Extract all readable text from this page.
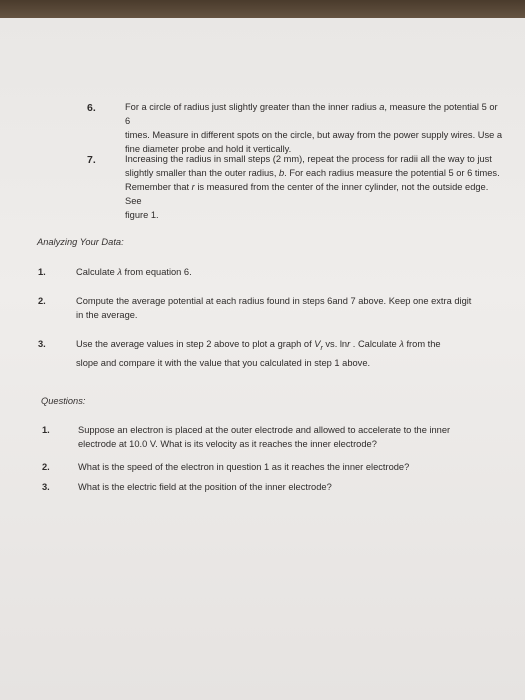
6.	For a circle of radius just slightly greater than the inner radius a, measure the potential 5 or 6
times. Measure in different spots on the circle, but away from the power supply wires. Use a
fine diameter probe and hold it vertically.
7.	Increasing the radius in small steps (2 mm), repeat the process for radii all the way to just
slightly smaller than the outer radius, b. For each radius measure the potential 5 or 6 times.
Remember that r is measured from the center of the inner cylinder, not the outside edge. See
figure 1.
Analyzing Your Data:
1.	Calculate λ from equation 6.
2.	Compute the average potential at each radius found in steps 6and 7 above. Keep one extra digit
in the average.
3.	Use the average values in step 2 above to plot a graph of $V_r$ vs. lnr . Calculate λ from the
slope and compare it with the value that you calculated in step 1 above.
Questions:
1.	Suppose an electron is placed at the outer electrode and allowed to accelerate to the inner
electrode at 10.0 V. What is its velocity as it reaches the inner electrode?
2.	What is the speed of the electron in question 1 as it reaches the inner electrode?
3.	What is the electric field at the position of the inner electrode?
